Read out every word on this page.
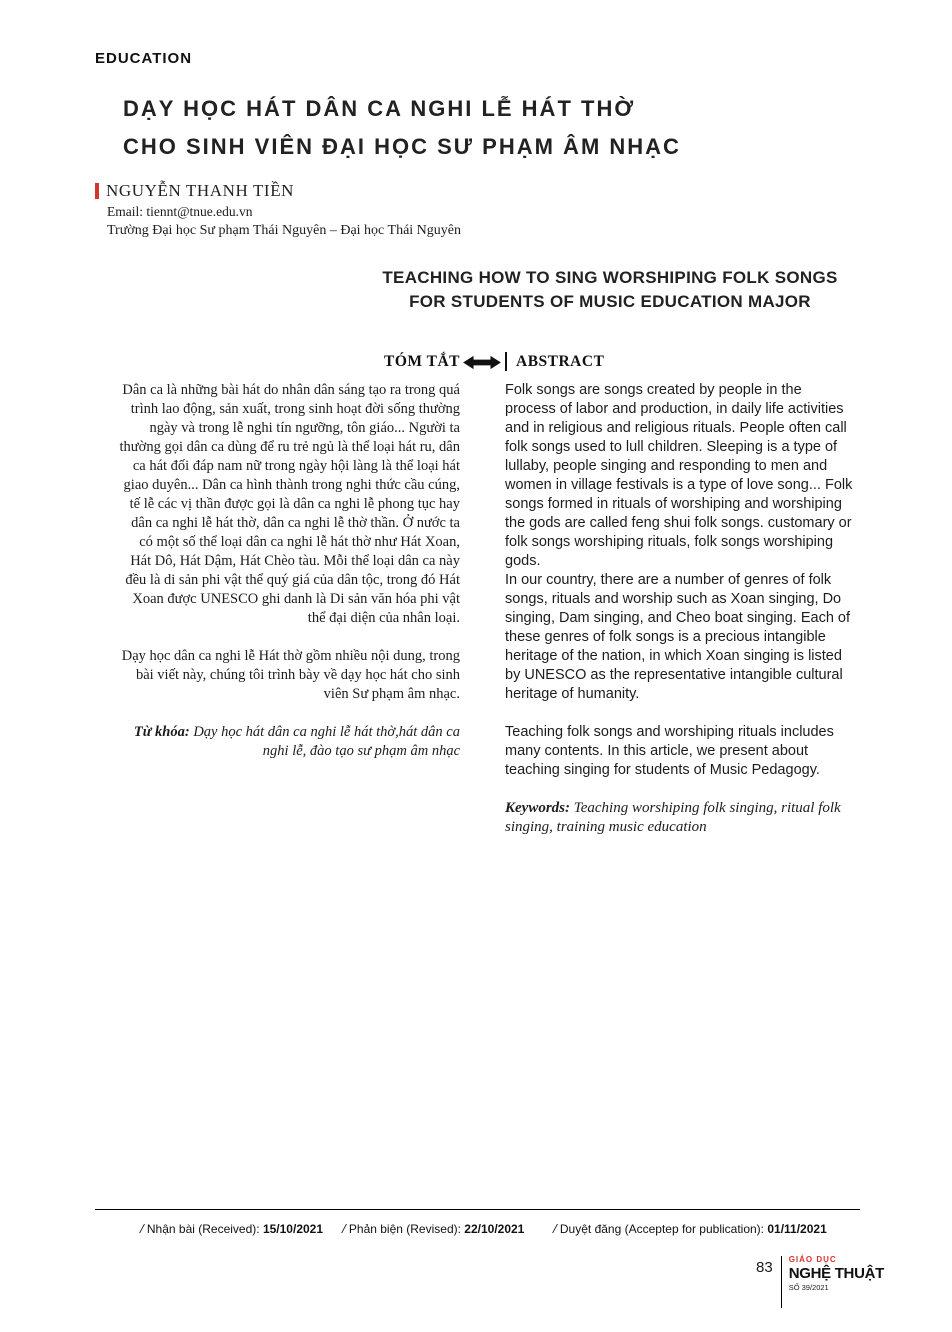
EDUCATION
DẠY HỌC HÁT DÂN CA NGHI LỄ HÁT THỜ
CHO SINH VIÊN ĐẠI HỌC SƯ PHẠM ÂM NHẠC
NGUYỄN THANH TIỀN
Email: tiennt@tnue.edu.vn
Trường Đại học Sư phạm Thái Nguyên – Đại học Thái Nguyên
TEACHING HOW TO SING WORSHIPING FOLK SONGS
FOR STUDENTS OF MUSIC EDUCATION MAJOR
TÓM TẮT

Dân ca là những bài hát do nhân dân sáng tạo ra trong quá trình lao động, sản xuất, trong sinh hoạt đời sống thường ngày và trong lễ nghi tín ngưỡng, tôn giáo... Người ta thường gọi dân ca dùng để ru trẻ ngủ là thể loại hát ru, dân ca hát đối đáp nam nữ trong ngày hội làng là thể loại hát giao duyên... Dân ca hình thành trong nghi thức cầu cúng, tế lễ các vị thần được gọi là dân ca nghi lễ phong tục hay dân ca nghi lễ hát thờ, dân ca nghi lễ thờ thần. Ở nước ta có một số thể loại dân ca nghi lễ hát thờ như Hát Xoan, Hát Dô, Hát Dậm, Hát Chèo tàu. Mỗi thể loại dân ca này đều là di sản phi vật thể quý giá của dân tộc, trong đó Hát Xoan được UNESCO ghi danh là Di sản văn hóa phi vật thể đại diện của nhân loại.

Dạy học dân ca nghi lễ Hát thờ gồm nhiều nội dung, trong bài viết này, chúng tôi trình bày về dạy học hát cho sinh viên Sư phạm âm nhạc.

Từ khóa: Dạy học hát dân ca nghi lễ hát thờ,hát dân ca nghi lễ, đào tạo sư phạm âm nhạc

ABSTRACT

Folk songs are songs created by people in the process of labor and production, in daily life activities and in religious and religious rituals. People often call folk songs used to lull children. Sleeping is a type of lullaby, people singing and responding to men and women in village festivals is a type of love song... Folk songs formed in rituals of worshiping and worshiping the gods are called feng shui folk songs. customary or folk songs worshiping rituals, folk songs worshiping gods.

In our country, there are a number of genres of folk songs, rituals and worship such as Xoan singing, Do singing, Dam singing, and Cheo boat singing. Each of these genres of folk songs is a precious intangible heritage of the nation, in which Xoan singing is listed by UNESCO as the representative intangible cultural heritage of humanity.

Teaching folk songs and worshiping rituals includes many contents. In this article, we present about teaching singing for students of Music Pedagogy.

Keywords: Teaching worshiping folk singing, ritual folk singing, training music education

/ Nhận bài (Received): 15/10/2021 / Phản biện (Revised): 22/10/2021 / Duyệt đăng (Acceptep for publication): 01/11/2021
83 GIÁO DỤC
NGHỆ THUẬT
SỐ 39/2021
